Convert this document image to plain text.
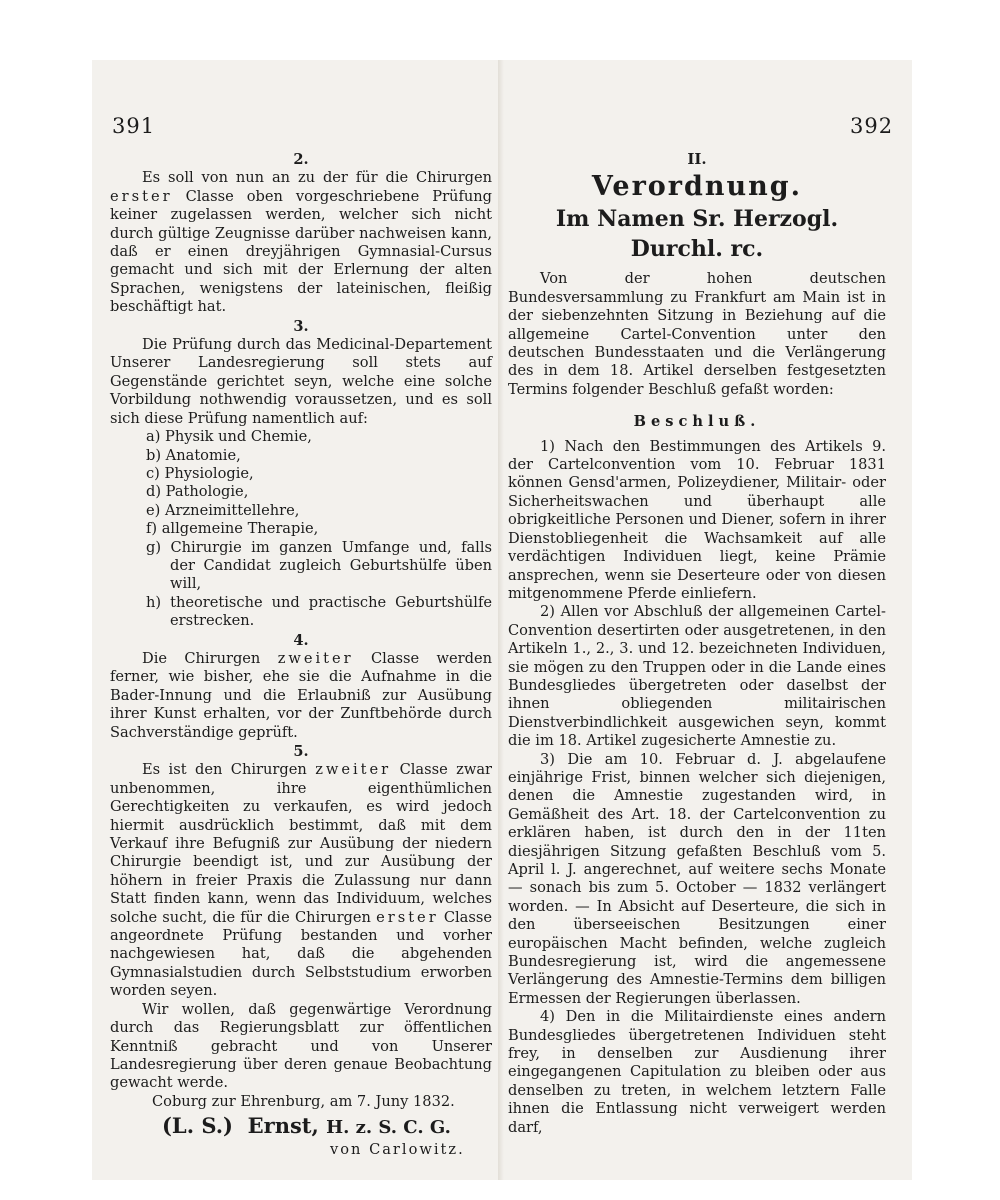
391	392

2.

Es soll von nun an zu der für die Chirurgen erster Classe oben vorgeschriebene Prüfung keiner zugelassen werden, welcher sich nicht durch gültige Zeugnisse darüber nachweisen kann, daß er einen dreyjährigen Gymnasial-Cursus gemacht und sich mit der Erlernung der alten Sprachen, wenigstens der lateinischen, fleißig beschäftigt hat.

3.

Die Prüfung durch das Medicinal-Departement Unserer Landesregierung soll stets auf Gegenstände gerichtet seyn, welche eine solche Vorbildung nothwendig voraussetzen, und es soll sich diese Prüfung namentlich auf:

a) Physik und Chemie,
b) Anatomie,
c) Physiologie,
d) Pathologie,
e) Arzneimittellehre,
f) allgemeine Therapie,
g) Chirurgie im ganzen Umfange und, falls der Candidat zugleich Geburtshülfe üben will,
h) theoretische und practische Geburtshülfe erstrecken.

4.

Die Chirurgen zweiter Classe werden ferner, wie bisher, ehe sie die Aufnahme in die Bader-Innung und die Erlaubniß zur Ausübung ihrer Kunst erhalten, vor der Zunftbehörde durch Sachverständige geprüft.

5.

Es ist den Chirurgen zweiter Classe zwar unbenommen, ihre eigenthümlichen Gerechtigkeiten zu verkaufen, es wird jedoch hiermit ausdrücklich bestimmt, daß mit dem Verkauf ihre Befugniß zur Ausübung der niedern Chirurgie beendigt ist, und zur Ausübung der höhern in freier Praxis die Zulassung nur dann Statt finden kann, wenn das Individuum, welches solche sucht, die für die Chirurgen erster Classe angeordnete Prüfung bestanden und vorher nachgewiesen hat, daß die abgehenden Gymnasialstudien durch Selbststudium erworben worden seyen.

Wir wollen, daß gegenwärtige Verordnung durch das Regierungsblatt zur öffentlichen Kenntniß gebracht und von Unserer Landesregierung über deren genaue Beobachtung gewacht werde.

Coburg zur Ehrenburg, am 7. Juny 1832.

(L. S.) Ernst, H. z. S. C. G.

von Carlowitz.

II.

Verordnung.

Im Namen Sr. Herzogl. Durchl. rc.

Von der hohen deutschen Bundesversammlung zu Frankfurt am Main ist in der siebenzehnten Sitzung in Beziehung auf die allgemeine Cartel-Convention unter den deutschen Bundesstaaten und die Verlängerung des in dem 18. Artikel derselben festgesetzten Termins folgender Beschluß gefaßt worden:

Beschluß.

1) Nach den Bestimmungen des Artikels 9. der Cartelconvention vom 10. Februar 1831 können Gensd'armen, Polizeydiener, Militair- oder Sicherheitswachen und überhaupt alle obrigkeitliche Personen und Diener, sofern in ihrer Dienstobliegenheit die Wachsamkeit auf alle verdächtigen Individuen liegt, keine Prämie ansprechen, wenn sie Deserteure oder von diesen mitgenommene Pferde einliefern.

2) Allen vor Abschluß der allgemeinen Cartel-Convention desertirten oder ausgetretenen, in den Artikeln 1., 2., 3. und 12. bezeichneten Individuen, sie mögen zu den Truppen oder in die Lande eines Bundesgliedes übergetreten oder daselbst der ihnen obliegenden militairischen Dienstverbindlichkeit ausgewichen seyn, kommt die im 18. Artikel zugesicherte Amnestie zu.

3) Die am 10. Februar d. J. abgelaufene einjährige Frist, binnen welcher sich diejenigen, denen die Amnestie zugestanden wird, in Gemäßheit des Art. 18. der Cartelconvention zu erklären haben, ist durch den in der 11ten diesjährigen Sitzung gefaßten Beschluß vom 5. April l. J. angerechnet, auf weitere sechs Monate — sonach bis zum 5. October — 1832 verlängert worden. — In Absicht auf Deserteure, die sich in den überseeischen Besitzungen einer europäischen Macht befinden, welche zugleich Bundesregierung ist, wird die angemessene Verlängerung des Amnestie-Termins dem billigen Ermessen der Regierungen überlassen.

4) Den in die Militairdienste eines andern Bundesgliedes übergetretenen Individuen steht frey, in denselben zur Ausdienung ihrer eingegangenen Capitulation zu bleiben oder aus denselben zu treten, in welchem letztern Falle ihnen die Entlassung nicht verweigert werden darf,
